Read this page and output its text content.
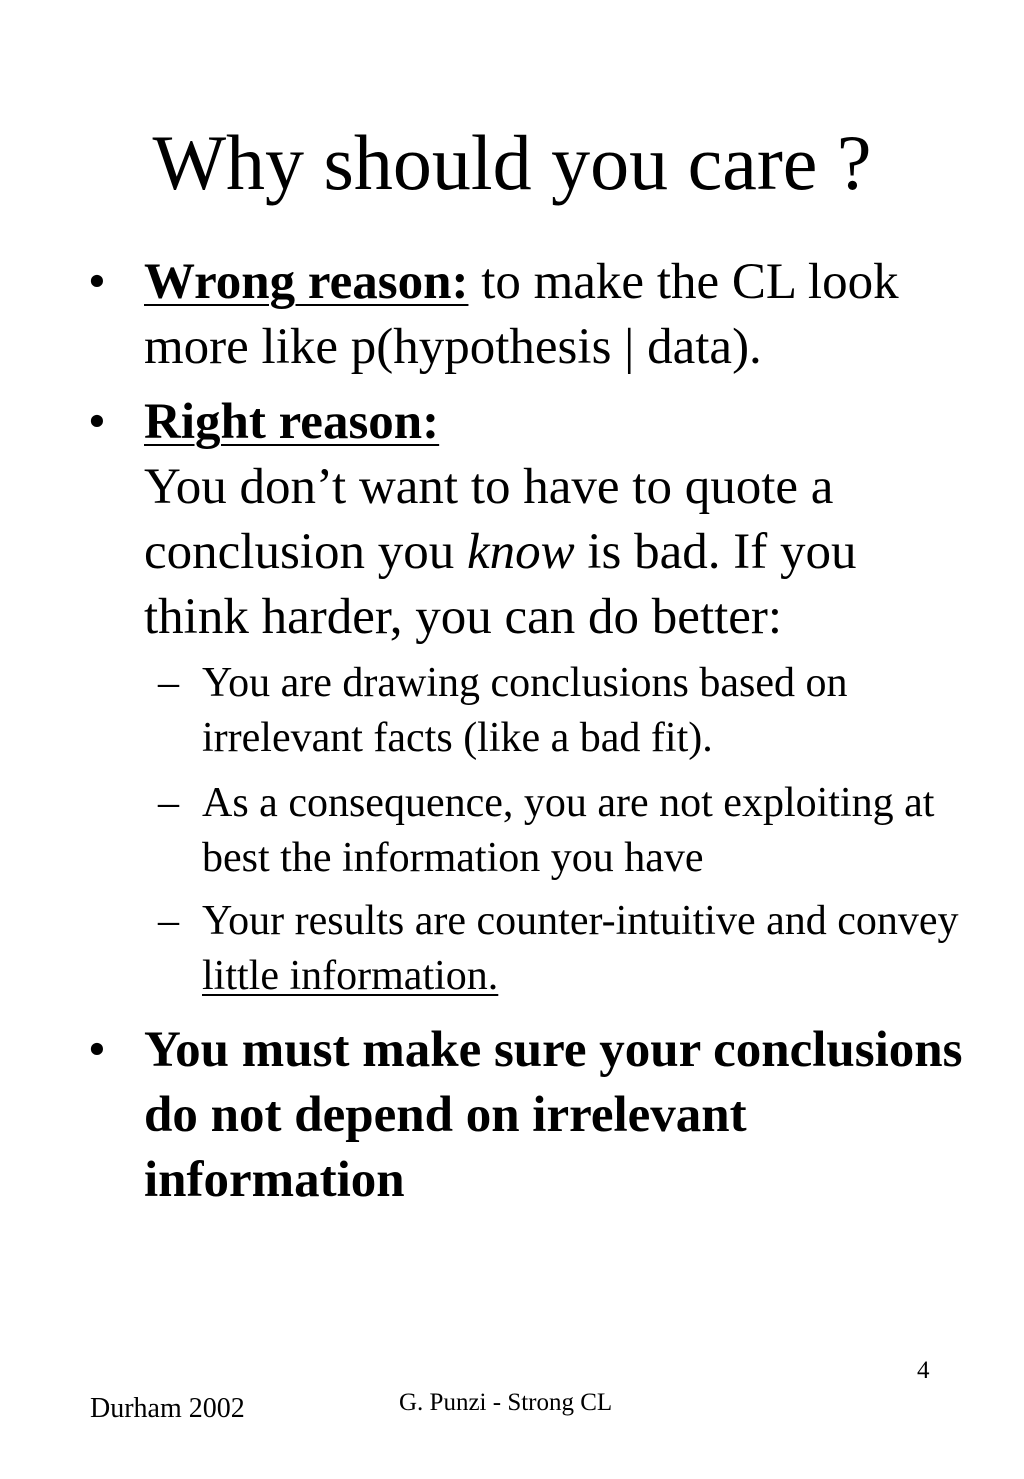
Why should you care ?
• Wrong reason: to make the CL look more like p(hypothesis | data).
• Right reason:
You don’t want to have to quote a conclusion you know is bad. If you think harder, you can do better:
– You are drawing conclusions based on irrelevant facts (like a bad fit).
– As a consequence, you are not exploiting at best the information you have
– Your results are counter-intuitive and convey little information.
• You must make sure your conclusions do not depend on irrelevant information
4
Durham 2002	G. Punzi - Strong CL
